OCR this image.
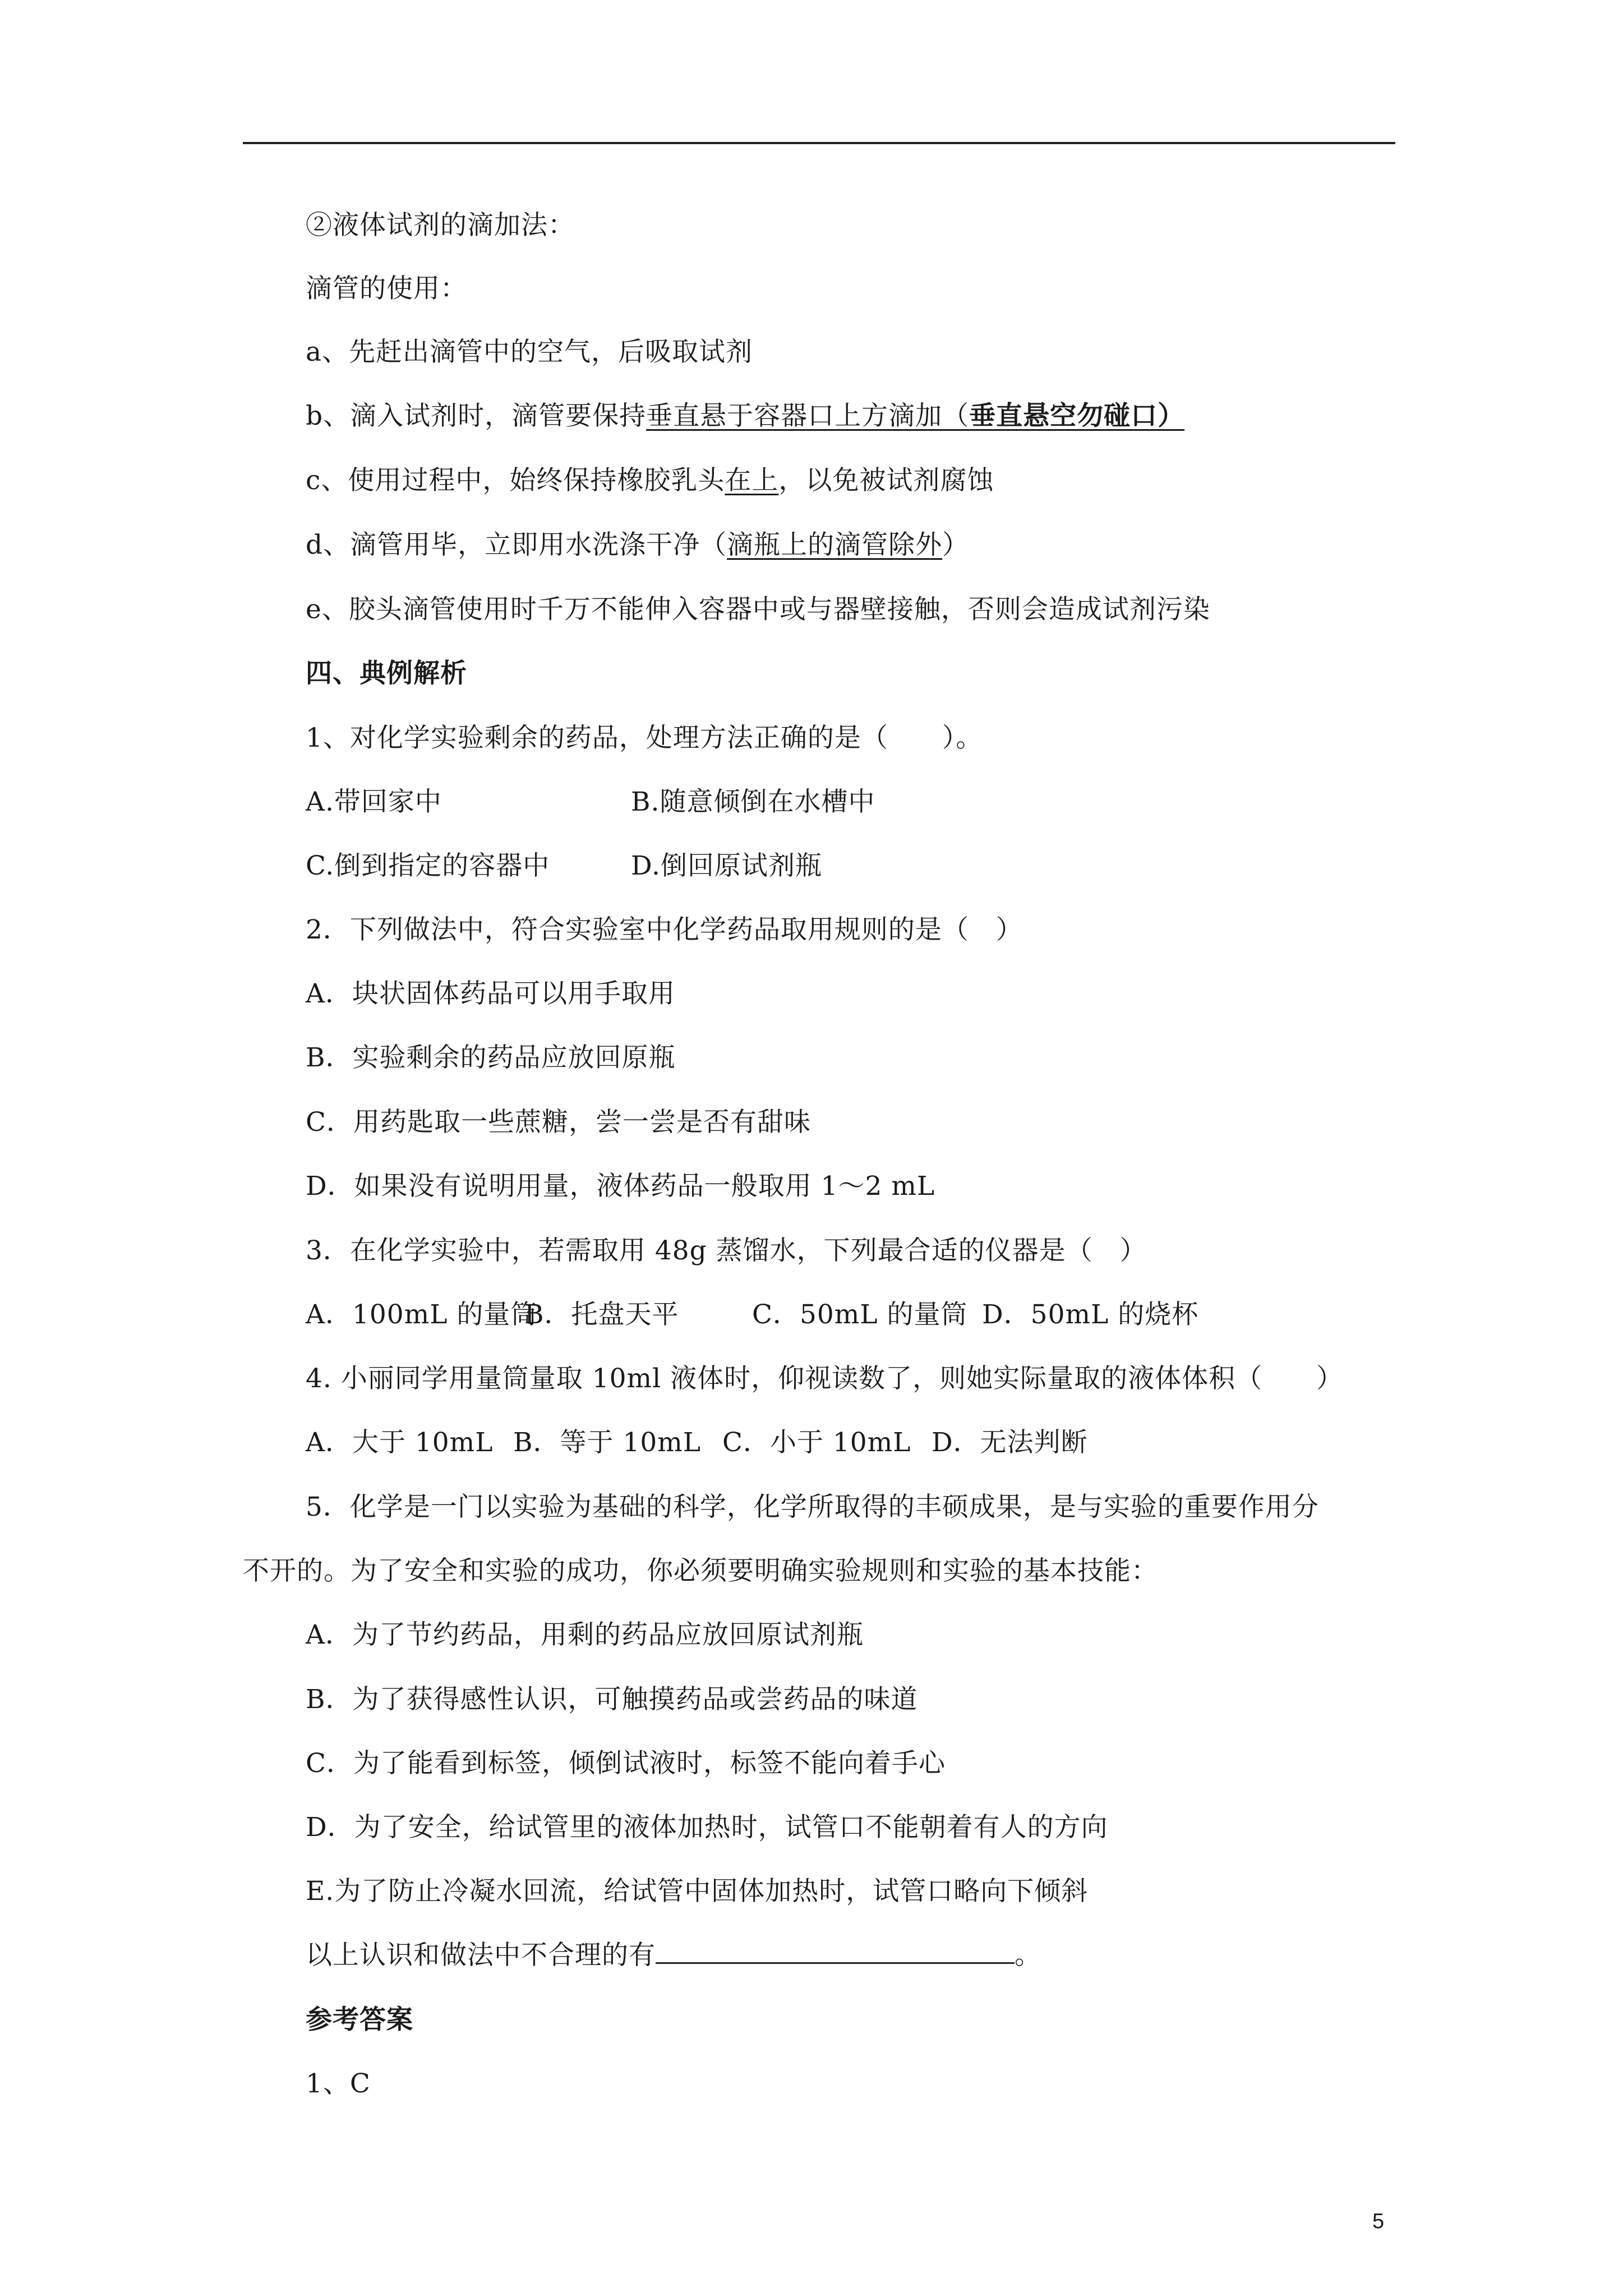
②液体试剂的滴加法：
滴管的使用：
a、先赶出滴管中的空气，后吸取试剂
b、滴入试剂时，滴管要保持垂直悬于容器口上方滴加（垂直悬空勿碰口）
c、使用过程中，始终保持橡胶乳头在上，以免被试剂腐蚀
d、滴管用毕，立即用水洗涤干净（滴瓶上的滴管除外）
e、胶头滴管使用时千万不能伸入容器中或与器壁接触，否则会造成试剂污染
四、典例解析
1、对化学实验剩余的药品，处理方法正确的是（　　）。
A.带回家中	B.随意倾倒在水槽中
C.倒到指定的容器中	D.倒回原试剂瓶
2．下列做法中，符合实验室中化学药品取用规则的是（　）
A．块状固体药品可以用手取用
B．实验剩余的药品应放回原瓶
C．用药匙取一些蔗糖，尝一尝是否有甜味
D．如果没有说明用量，液体药品一般取用 1～2 mL
3．在化学实验中，若需取用 48g 蒸馏水，下列最合适的仪器是（　）
A．100mL 的量筒B．托盘天平	C．50mL 的量筒 D．50mL 的烧杯
4. 小丽同学用量筒量取 10ml 液体时，仰视读数了，则她实际量取的液体体积（　　）
A．大于 10mL B．等于 10mL C．小于 10mL D．无法判断
5．化学是一门以实验为基础的科学，化学所取得的丰硕成果，是与实验的重要作用分
不开的。为了安全和实验的成功，你必须要明确实验规则和实验的基本技能：
A．为了节约药品，用剩的药品应放回原试剂瓶
B．为了获得感性认识，可触摸药品或尝药品的味道
C．为了能看到标签，倾倒试液时，标签不能向着手心
D．为了安全，给试管里的液体加热时，试管口不能朝着有人的方向
E.为了防止冷凝水回流，给试管中固体加热时，试管口略向下倾斜
以上认识和做法中不合理的有	。
参考答案
1、C
5
